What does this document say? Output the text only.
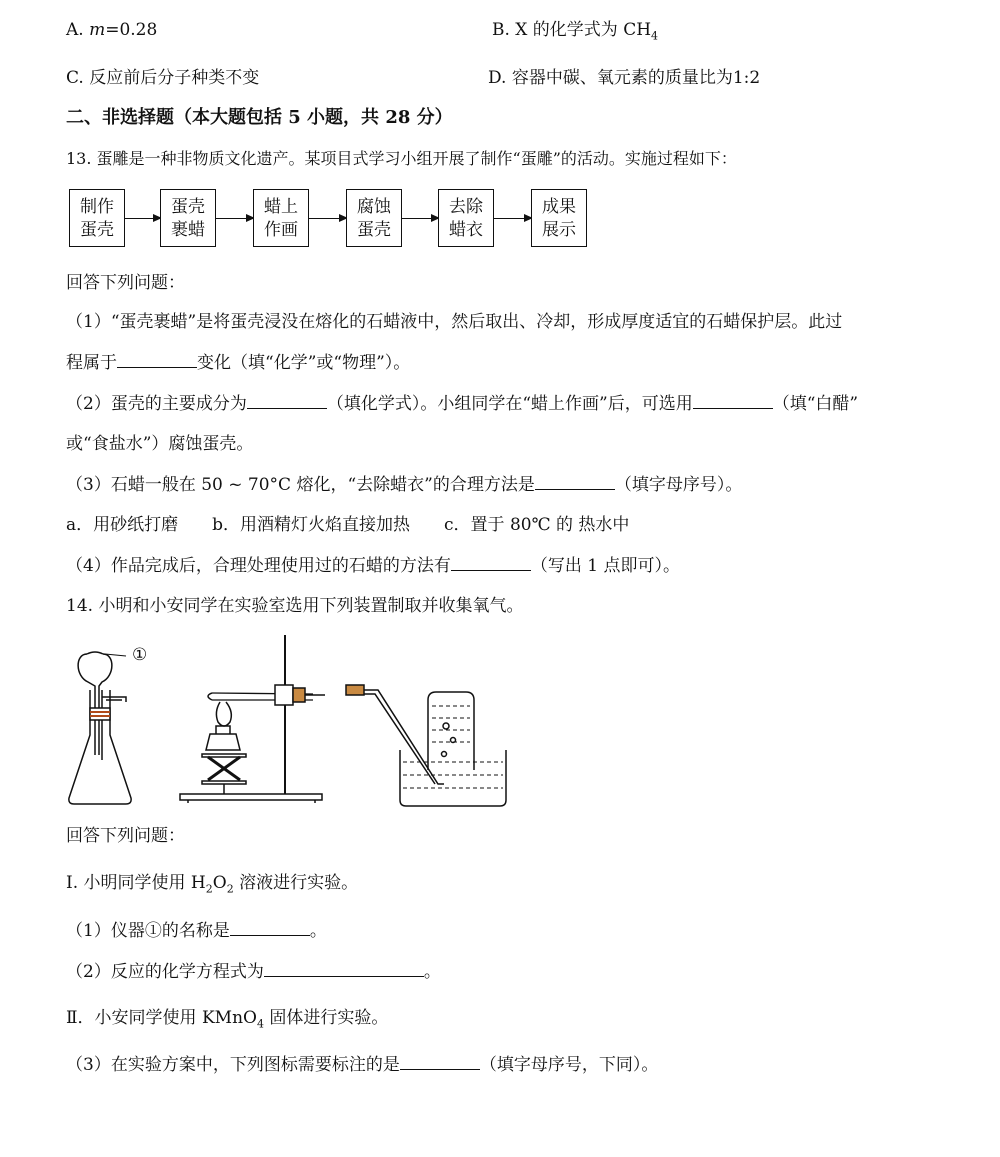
A. m=0.28	B. X 的化学式为 $CH_4$
C. 反应前后分子种类不变	D. 容器中碳、氧元素的质量比为1:2
二、非选择题（本大题包括 5 小题，共 28 分）
13. 蛋雕是一种非物质文化遗产。某项目式学习小组开展了制作“蛋雕”的活动。实施过程如下：
制作
蛋壳
蛋壳
裹蜡
蜡上
作画
腐蚀
蛋壳
去除
蜡衣
成果
展示
回答下列问题：
（1）“蛋壳裹蜡”是将蛋壳浸没在熔化的石蜡液中，然后取出、冷却，形成厚度适宜的石蜡保护层。此过
程属于	变化（填“化学”或“物理”）。
（2）蛋壳的主要成分为	（填化学式）。小组同学在“蜡上作画”后，可选用	（填“白醋”
或“食盐水”）腐蚀蛋壳。
（3）石蜡一般在 50 ~ 70°C 熔化，“去除蜡衣”的合理方法是	（填字母序号）。
a．用砂纸打磨　　b．用酒精灯火焰直接加热　　c．置于 80℃ 的 热水中
（4）作品完成后，合理处理使用过的石蜡的方法有	（写出 1 点即可）。
14. 小明和小安同学在实验室选用下列装置制取并收集氧气。
①
回答下列问题：
I. 小明同学使用 $H_2O_2$ 溶液进行实验。
（1）仪器①的名称是	。
（2）反应的化学方程式为	。
Ⅱ．小安同学使用 KMnO$_4$ 固体进行实验。
（3）在实验方案中，下列图标需要标注的是	（填字母序号，下同）。
